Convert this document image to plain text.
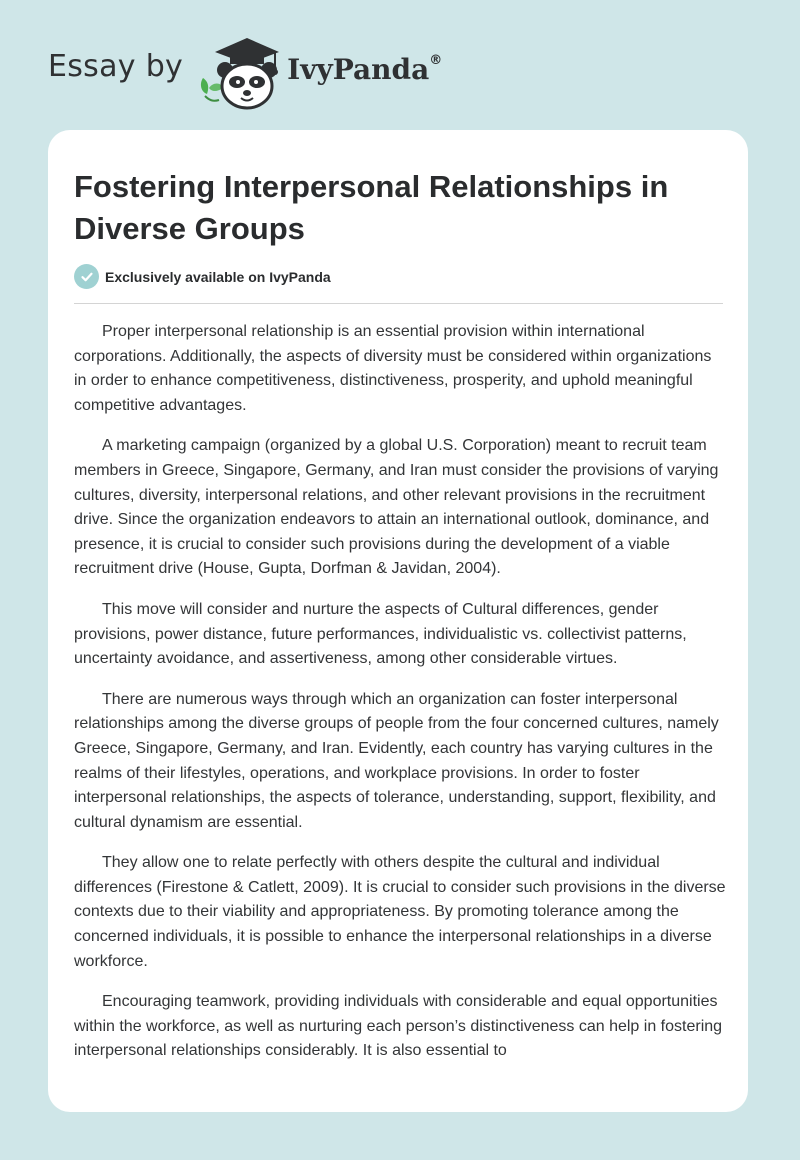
Essay by	IvyPanda®
Fostering Interpersonal Relationships in Diverse Groups
Exclusively available on IvyPanda

Proper interpersonal relationship is an essential provision within international corporations. Additionally, the aspects of diversity must be considered within organizations in order to enhance competitiveness, distinctiveness, prosperity, and uphold meaningful competitive advantages.

A marketing campaign (organized by a global U.S. Corporation) meant to recruit team members in Greece, Singapore, Germany, and Iran must consider the provisions of varying cultures, diversity, interpersonal relations, and other relevant provisions in the recruitment drive. Since the organization endeavors to attain an international outlook, dominance, and presence, it is crucial to consider such provisions during the development of a viable recruitment drive (House, Gupta, Dorfman & Javidan, 2004).

This move will consider and nurture the aspects of Cultural differences, gender provisions, power distance, future performances, individualistic vs. collectivist patterns, uncertainty avoidance, and assertiveness, among other considerable virtues.

There are numerous ways through which an organization can foster interpersonal relationships among the diverse groups of people from the four concerned cultures, namely Greece, Singapore, Germany, and Iran. Evidently, each country has varying cultures in the realms of their lifestyles, operations, and workplace provisions. In order to foster interpersonal relationships, the aspects of tolerance, understanding, support, flexibility, and cultural dynamism are essential.

They allow one to relate perfectly with others despite the cultural and individual differences (Firestone & Catlett, 2009). It is crucial to consider such provisions in the diverse contexts due to their viability and appropriateness. By promoting tolerance among the concerned individuals, it is possible to enhance the interpersonal relationships in a diverse workforce.

Encouraging teamwork, providing individuals with considerable and equal opportunities within the workforce, as well as nurturing each person’s distinctiveness can help in fostering interpersonal relationships considerably. It is also essential to
